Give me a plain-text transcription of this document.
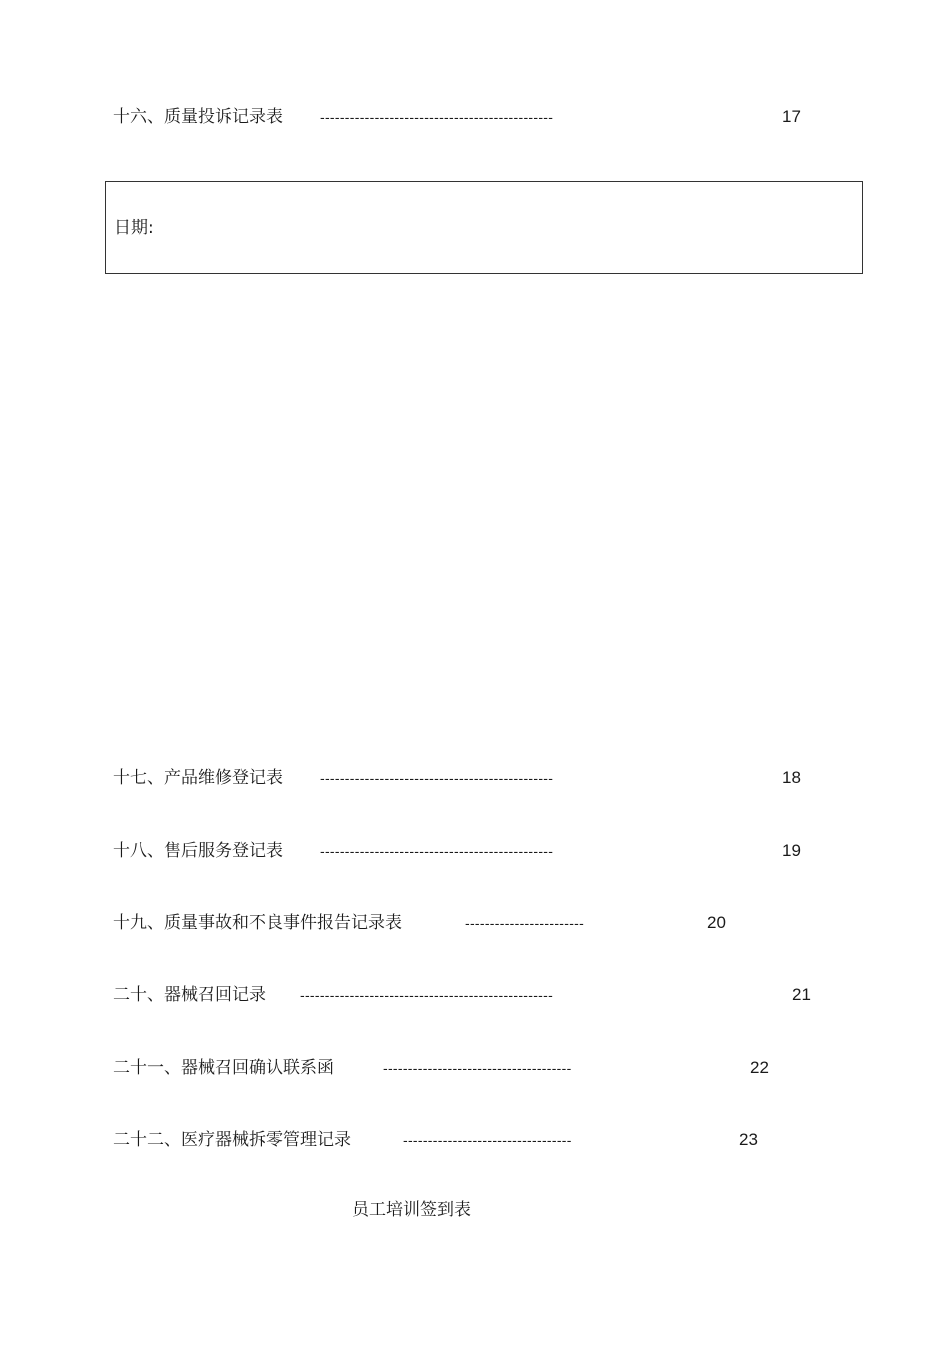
十六、质量投诉记录表	-----------------------------------------------	17
日期:
十七、产品维修登记表	-----------------------------------------------	18
十八、售后服务登记表	-----------------------------------------------	19
十九、质量事故和不良事件报告记录表	------------------------	20
二十、器械召回记录 ---------------------------------------------------	21
二十一、器械召回确认联系函	--------------------------------------	22
二十二、医疗器械拆零管理记录	----------------------------------	23
员工培训签到表
